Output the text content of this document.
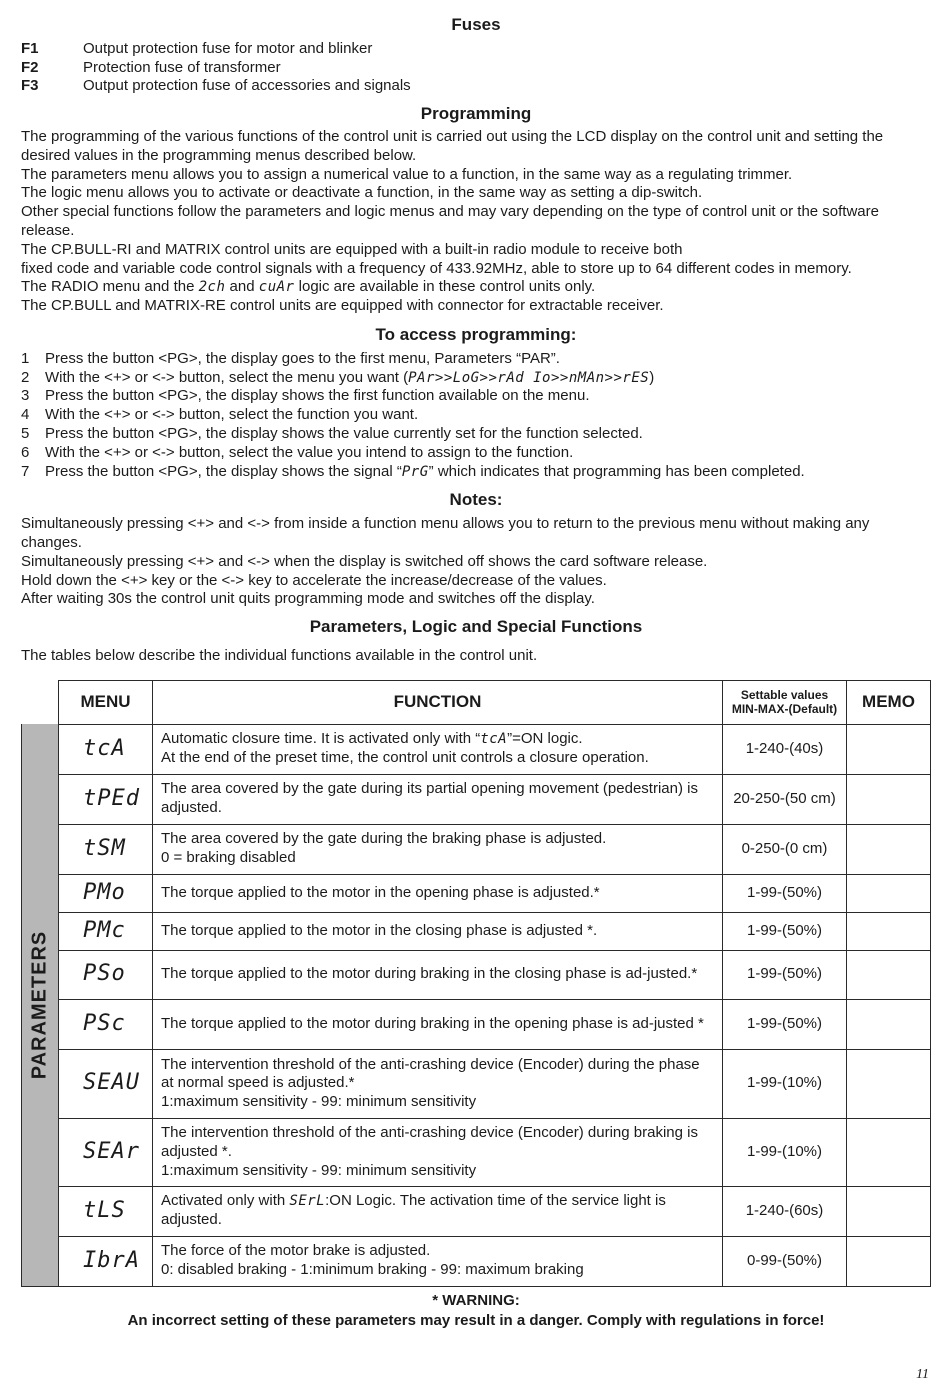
Fuses

F1	Output protection fuse for motor and blinker
F2	Protection fuse of transformer
F3	Output protection fuse of accessories and signals

Programming

The programming of the various functions of the control unit is carried out using the LCD display on the control unit and setting the desired values in the programming menus described below.

The parameters menu allows you to assign a numerical value to a function, in the same way as a regulating trimmer.

The logic menu allows you to activate or deactivate a function, in the same way as setting a dip-switch.

Other special functions follow the parameters and logic menus and may vary depending on the type of control unit or the software release.

The CP.BULL-RI and MATRIX control units are equipped with a built-in radio module to receive both

fixed code and variable code control signals with a frequency of 433.92MHz, able to store up to 64 different codes in memory.

The RADIO menu and the 2ch and cuAr logic are available in these control units only.

The CP.BULL and MATRIX-RE control units are equipped with connector for extractable receiver.

To access programming:

1	Press the button <PG>, the display goes to the first menu, Parameters “PAR”.
2	With the <+> or <-> button, select the menu you want (PAr>>LoG>>rAd Io>>nMAn>>rES)
3	Press the button <PG>, the display shows the first function available on the menu.
4	With the <+> or <-> button, select the function you want.
5	Press the button <PG>, the display shows the value currently set for the function selected.
6	With the <+> or <-> button, select the value you intend to assign to the function.
7	Press the button <PG>, the display shows the signal “PrG” which indicates that programming has been completed.

Notes:

Simultaneously pressing <+> and <-> from inside a function menu allows you to return to the previous menu without making any changes.

Simultaneously pressing <+> and <-> when the display is switched off shows the card software release.

Hold down the <+> key or the <-> key to accelerate the increase/decrease of the values.

After waiting 30s the control unit quits programming mode and switches off the display.

Parameters, Logic and Special Functions

The tables below describe the individual functions available in the control unit.

	MENU	FUNCTION	Settable values
MIN-MAX-(Default)	MEMO

PARAMETERS	tcA	Automatic closure time. It is activated only with “tcA”=ON logic.
At the end of the preset time, the control unit controls a closure operation.	1-240-(40s)	
	tPEd	The area covered by the gate during its partial opening movement (pedestrian) is adjusted.	20-250-(50 cm)	
	tSM	The area covered by the gate during the braking phase is adjusted.
0 = braking disabled	0-250-(0 cm)	
	PMo	The torque applied to the motor in the opening phase is adjusted.*	1-99-(50%)	
	PMc	The torque applied to the motor in the closing phase is adjusted *.	1-99-(50%)	
	PSo	The torque applied to the motor during braking in the closing phase is ad-justed.*	1-99-(50%)	
	PSc	The torque applied to the motor during braking in the opening phase is ad-justed *	1-99-(50%)	
	SEAU	The intervention threshold of the anti-crashing device (Encoder) during the phase at normal speed is adjusted.*
1:maximum sensitivity - 99: minimum sensitivity	1-99-(10%)	
	SEAr	The intervention threshold of the anti-crashing device (Encoder) during braking is adjusted *.
1:maximum sensitivity - 99: minimum sensitivity	1-99-(10%)	
	tLS	Activated only with SErL:ON Logic. The activation time of the service light is adjusted.	1-240-(60s)	
	IbrA	The force of the motor brake is adjusted.
0: disabled braking - 1:minimum braking - 99: maximum braking	0-99-(50%)	
* WARNING:
An incorrect setting of these parameters may result in a danger. Comply with regulations in force!
11
